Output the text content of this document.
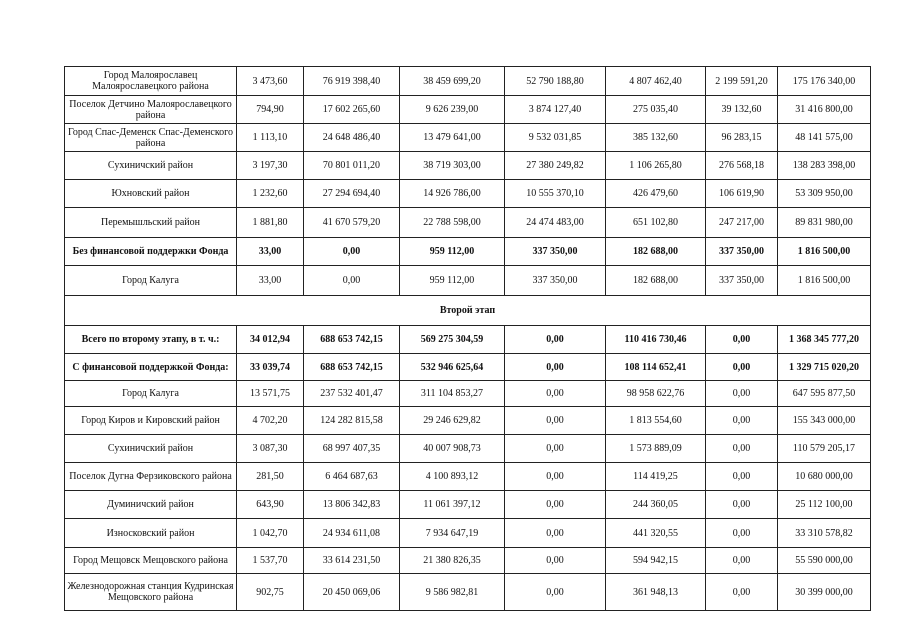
Город Малоярославец Малоярославецкого района	3 473,60	76 919 398,40	38 459 699,20	52 790 188,80	4 807 462,40	2 199 591,20	175 176 340,00
Поселок Детчино Малоярославецкого района	794,90	17 602 265,60	9 626 239,00	3 874 127,40	275 035,40	39 132,60	31 416 800,00
Город Спас-Деменск Спас-Деменского района	1 113,10	24 648 486,40	13 479 641,00	9 532 031,85	385 132,60	96 283,15	48 141 575,00
Сухиничский район	3 197,30	70 801 011,20	38 719 303,00	27 380 249,82	1 106 265,80	276 568,18	138 283 398,00
Юхновский район	1 232,60	27 294 694,40	14 926 786,00	10 555 370,10	426 479,60	106 619,90	53 309 950,00
Перемышльский район	1 881,80	41 670 579,20	22 788 598,00	24 474 483,00	651 102,80	247 217,00	89 831 980,00
Без финансовой поддержки Фонда	33,00	0,00	959 112,00	337 350,00	182 688,00	337 350,00	1 816 500,00
Город Калуга	33,00	0,00	959 112,00	337 350,00	182 688,00	337 350,00	1 816 500,00
Второй этап							
Всего по второму этапу, в т. ч.:	34 012,94	688 653 742,15	569 275 304,59	0,00	110 416 730,46	0,00	1 368 345 777,20
С финансовой поддержкой Фонда:	33 039,74	688 653 742,15	532 946 625,64	0,00	108 114 652,41	0,00	1 329 715 020,20
Город Калуга	13 571,75	237 532 401,47	311 104 853,27	0,00	98 958 622,76	0,00	647 595 877,50
Город Киров и Кировский район	4 702,20	124 282 815,58	29 246 629,82	0,00	1 813 554,60	0,00	155 343 000,00
Сухиничский район	3 087,30	68 997 407,35	40 007 908,73	0,00	1 573 889,09	0,00	110 579 205,17
Поселок Дугна Ферзиковского района	281,50	6 464 687,63	4 100 893,12	0,00	114 419,25	0,00	10 680 000,00
Думиничский район	643,90	13 806 342,83	11 061 397,12	0,00	244 360,05	0,00	25 112 100,00
Износковский район	1 042,70	24 934 611,08	7 934 647,19	0,00	441 320,55	0,00	33 310 578,82
Город Мещовск Мещовского района	1 537,70	33 614 231,50	21 380 826,35	0,00	594 942,15	0,00	55 590 000,00
Железнодорожная станция Кудринская Мещовского района	902,75	20 450 069,06	9 586 982,81	0,00	361 948,13	0,00	30 399 000,00
